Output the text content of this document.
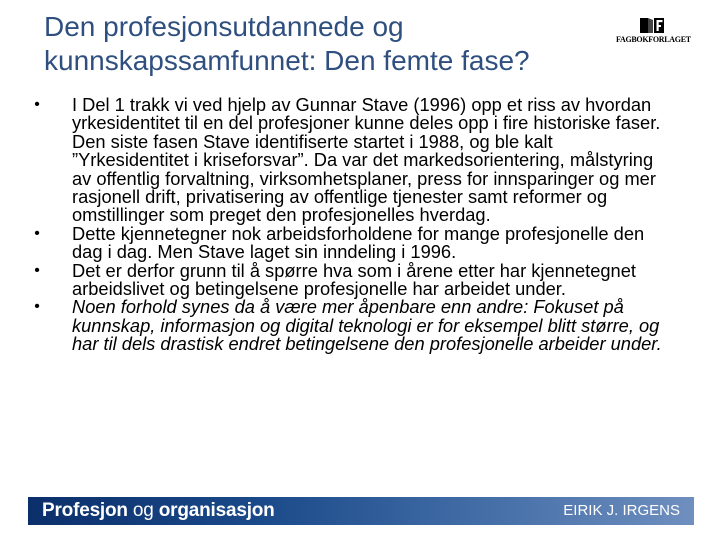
Den profesjonsutdannede og
kunnskapssamfunnet: Den femte fase?
FAGBOKFORLAGET
• I Del 1 trakk vi ved hjelp av Gunnar Stave (1996) opp et riss av hvordan yrkesidentitet til en del profesjoner kunne deles opp i fire historiske faser. Den siste fasen Stave identifiserte startet i 1988, og ble kalt ”Yrkesidentitet i kriseforsvar”. Da var det markedsorientering, målstyring av offentlig forvaltning, virksomhetsplaner, press for innsparinger og mer rasjonell drift, privatisering av offentlige tjenester samt reformer og omstillinger som preget den profesjonelles hverdag.
• Dette kjennetegner nok arbeidsforholdene for mange profesjonelle den dag i dag. Men Stave laget sin inndeling i 1996.
• Det er derfor grunn til å spørre hva som i årene etter har kjennetegnet arbeidslivet og betingelsene profesjonelle har arbeidet under.
• Noen forhold synes da å være mer åpenbare enn andre: Fokuset på kunnskap, informasjon og digital teknologi er for eksempel blitt større, og har til dels drastisk endret betingelsene den profesjonelle arbeider under.
Profesjon og organisasjon	EIRIK J. IRGENS
